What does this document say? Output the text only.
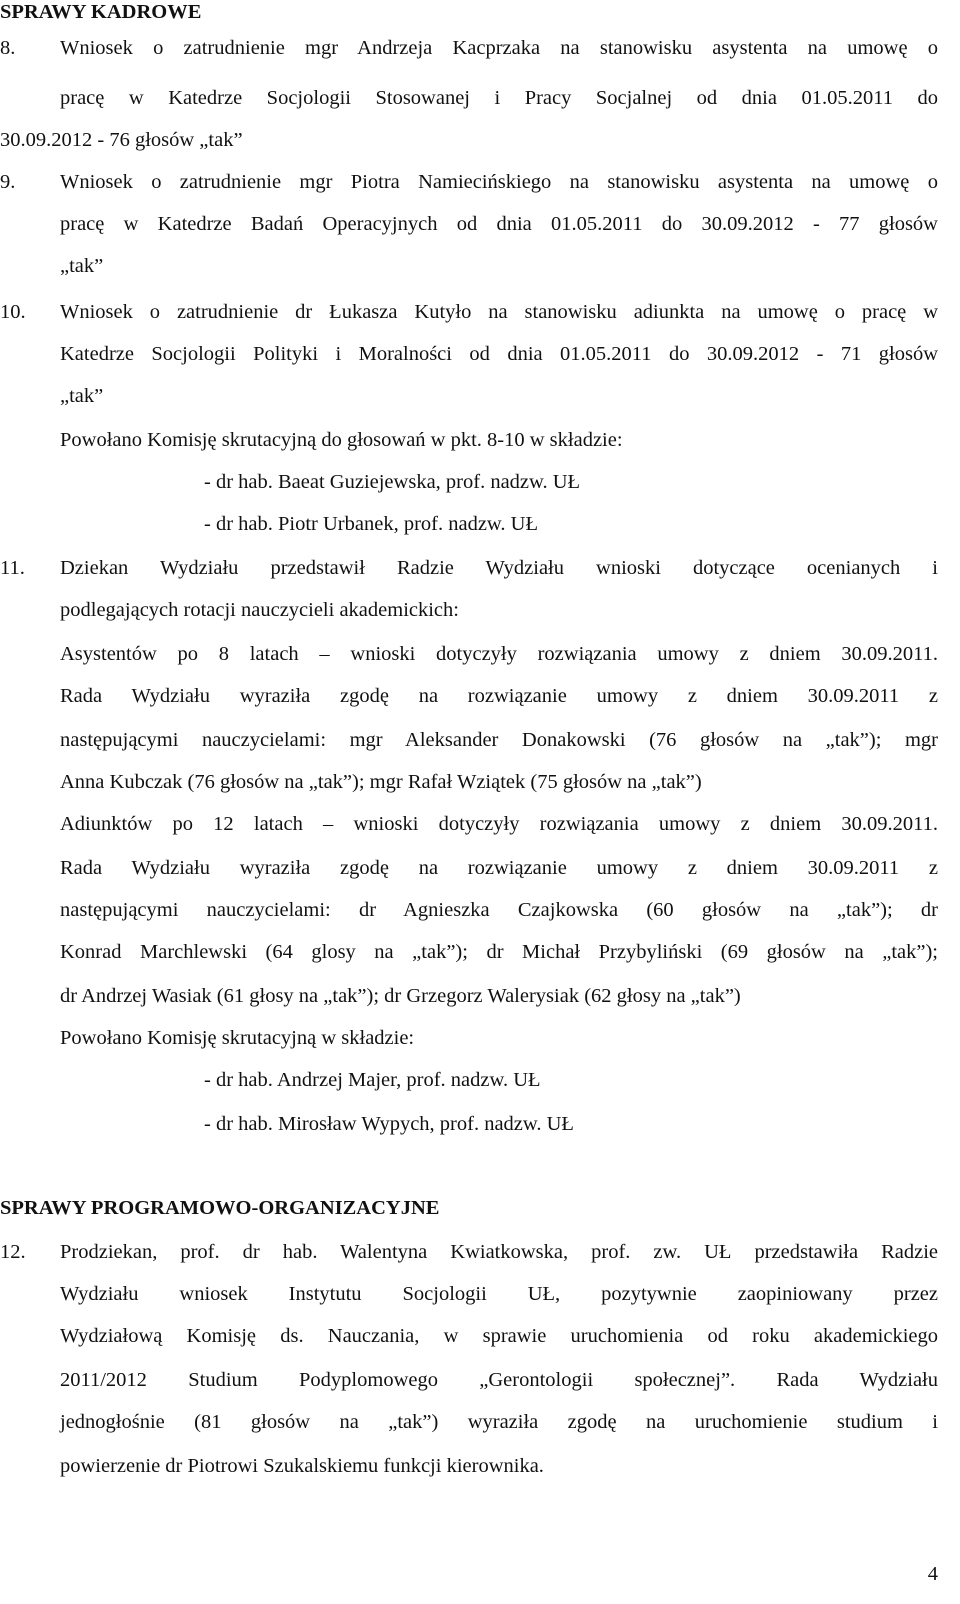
SPRAWY KADROWE
8. Wniosek o zatrudnienie mgr Andrzeja Kacprzaka na stanowisku asystenta na umowę o
pracę w Katedrze Socjologii Stosowanej i Pracy Socjalnej od dnia 01.05.2011 do
30.09.2012 - 76 głosów „tak”
9. Wniosek o zatrudnienie mgr Piotra Namiecińskiego na stanowisku asystenta na umowę o
pracę w Katedrze Badań Operacyjnych od dnia 01.05.2011 do 30.09.2012 - 77 głosów
„tak”
10. Wniosek o zatrudnienie dr Łukasza Kutyło na stanowisku adiunkta na umowę o pracę w
Katedrze Socjologii Polityki i Moralności od dnia 01.05.2011 do 30.09.2012 - 71 głosów
„tak”
Powołano Komisję skrutacyjną do głosowań w pkt. 8-10 w składzie:
- dr hab. Baeat Guziejewska, prof. nadzw. UŁ
- dr hab. Piotr Urbanek, prof. nadzw. UŁ
11. Dziekan Wydziału przedstawił Radzie Wydziału wnioski dotyczące ocenianych i
podlegających rotacji nauczycieli akademickich:
Asystentów po 8 latach – wnioski dotyczyły rozwiązania umowy z dniem 30.09.2011.
Rada Wydziału wyraziła zgodę na rozwiązanie umowy z dniem 30.09.2011 z
następującymi nauczycielami: mgr Aleksander Donakowski (76 głosów na „tak”); mgr
Anna Kubczak (76 głosów na „tak”); mgr Rafał Wziątek (75 głosów na „tak”)
Adiunktów po 12 latach – wnioski dotyczyły rozwiązania umowy z dniem 30.09.2011.
Rada Wydziału wyraziła zgodę na rozwiązanie umowy z dniem 30.09.2011 z
następującymi nauczycielami: dr Agnieszka Czajkowska (60 głosów na „tak”); dr
Konrad Marchlewski (64 glosy na „tak”); dr Michał Przybyliński (69 głosów na „tak”);
dr Andrzej Wasiak (61 głosy na „tak”); dr Grzegorz Walerysiak (62 głosy na „tak”)
Powołano Komisję skrutacyjną w składzie:
- dr hab. Andrzej Majer, prof. nadzw. UŁ
- dr hab. Mirosław Wypych, prof. nadzw. UŁ
SPRAWY PROGRAMOWO-ORGANIZACYJNE
12. Prodziekan, prof. dr hab. Walentyna Kwiatkowska, prof. zw. UŁ przedstawiła Radzie
Wydziału wniosek Instytutu Socjologii UŁ, pozytywnie zaopiniowany przez
Wydziałową Komisję ds. Nauczania, w sprawie uruchomienia od roku akademickiego
2011/2012 Studium Podyplomowego „Gerontologii społecznej”. Rada Wydziału
jednogłośnie (81 głosów na „tak”) wyraziła zgodę na uruchomienie studium i
powierzenie dr Piotrowi Szukalskiemu funkcji kierownika.
4
